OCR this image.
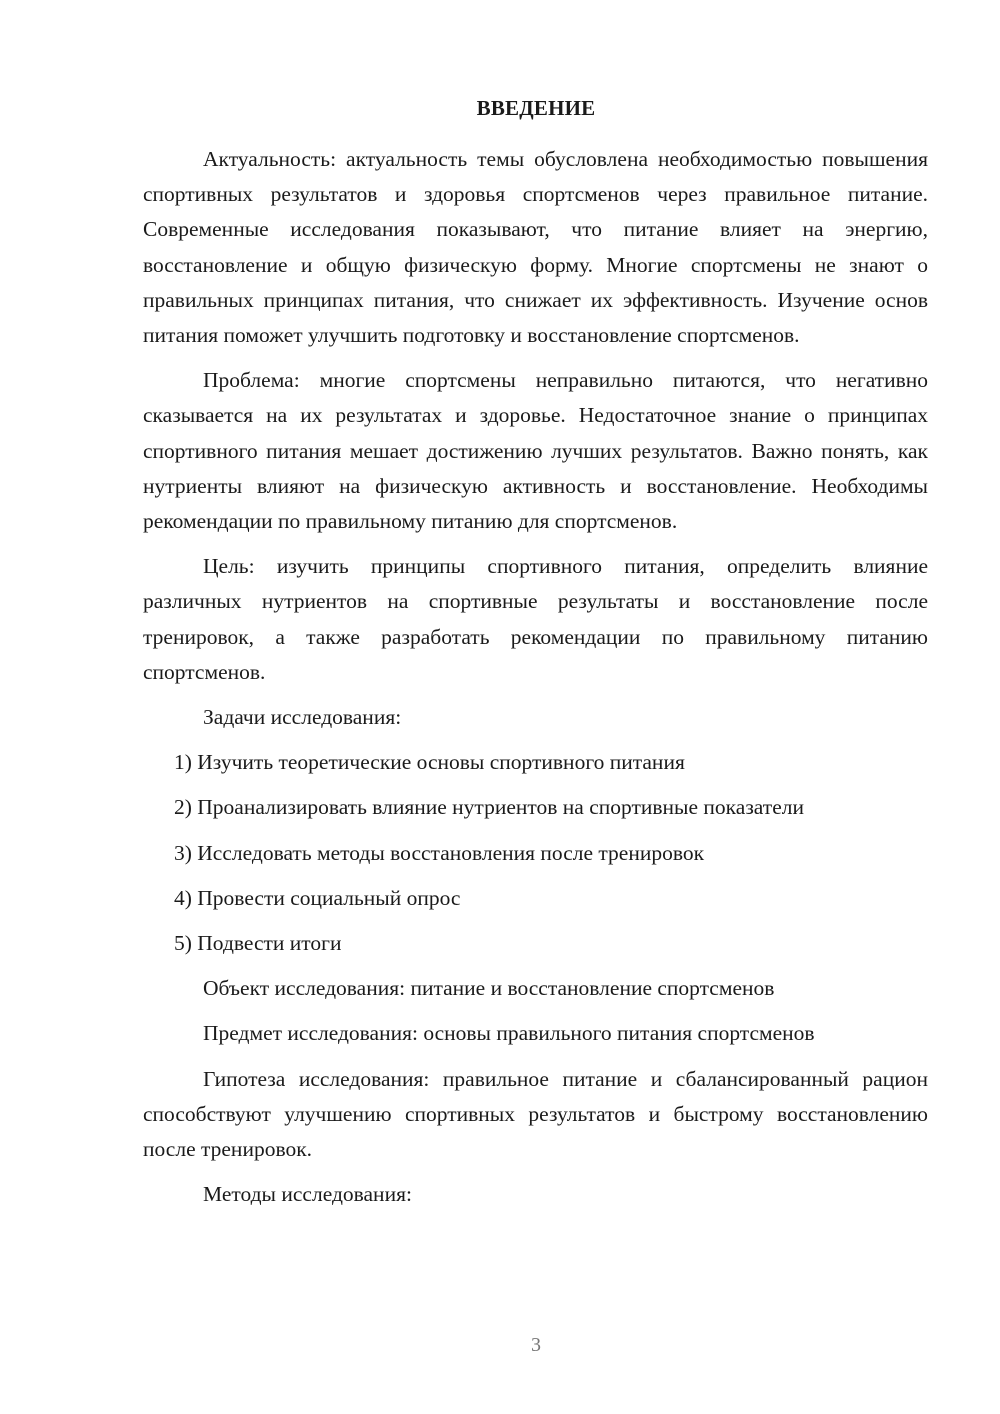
ВВЕДЕНИЕ

Актуальность: актуальность темы обусловлена необходимостью повышения спортивных результатов и здоровья спортсменов через правильное питание. Современные исследования показывают, что питание влияет на энергию, восстановление и общую физическую форму. Многие спортсмены не знают о правильных принципах питания, что снижает их эффективность. Изучение основ питания поможет улучшить подготовку и восстановление спортсменов.

Проблема: многие спортсмены неправильно питаются, что негативно сказывается на их результатах и здоровье. Недостаточное знание о принципах спортивного питания мешает достижению лучших результатов. Важно понять, как нутриенты влияют на физическую активность и восстановление. Необходимы рекомендации по правильному питанию для спортсменов.

Цель: изучить принципы спортивного питания, определить влияние различных нутриентов на спортивные результаты и восстановление после тренировок, а также разработать рекомендации по правильному питанию спортсменов.

Задачи исследования:

1) Изучить теоретические основы спортивного питания

2) Проанализировать влияние нутриентов на спортивные показатели

3) Исследовать методы восстановления после тренировок

4) Провести социальный опрос

5) Подвести итоги

Объект исследования: питание и восстановление спортсменов

Предмет исследования: основы правильного питания спортсменов

Гипотеза исследования: правильное питание и сбалансированный рацион способствуют улучшению спортивных результатов и быстрому восстановлению после тренировок.

Методы исследования:

3
